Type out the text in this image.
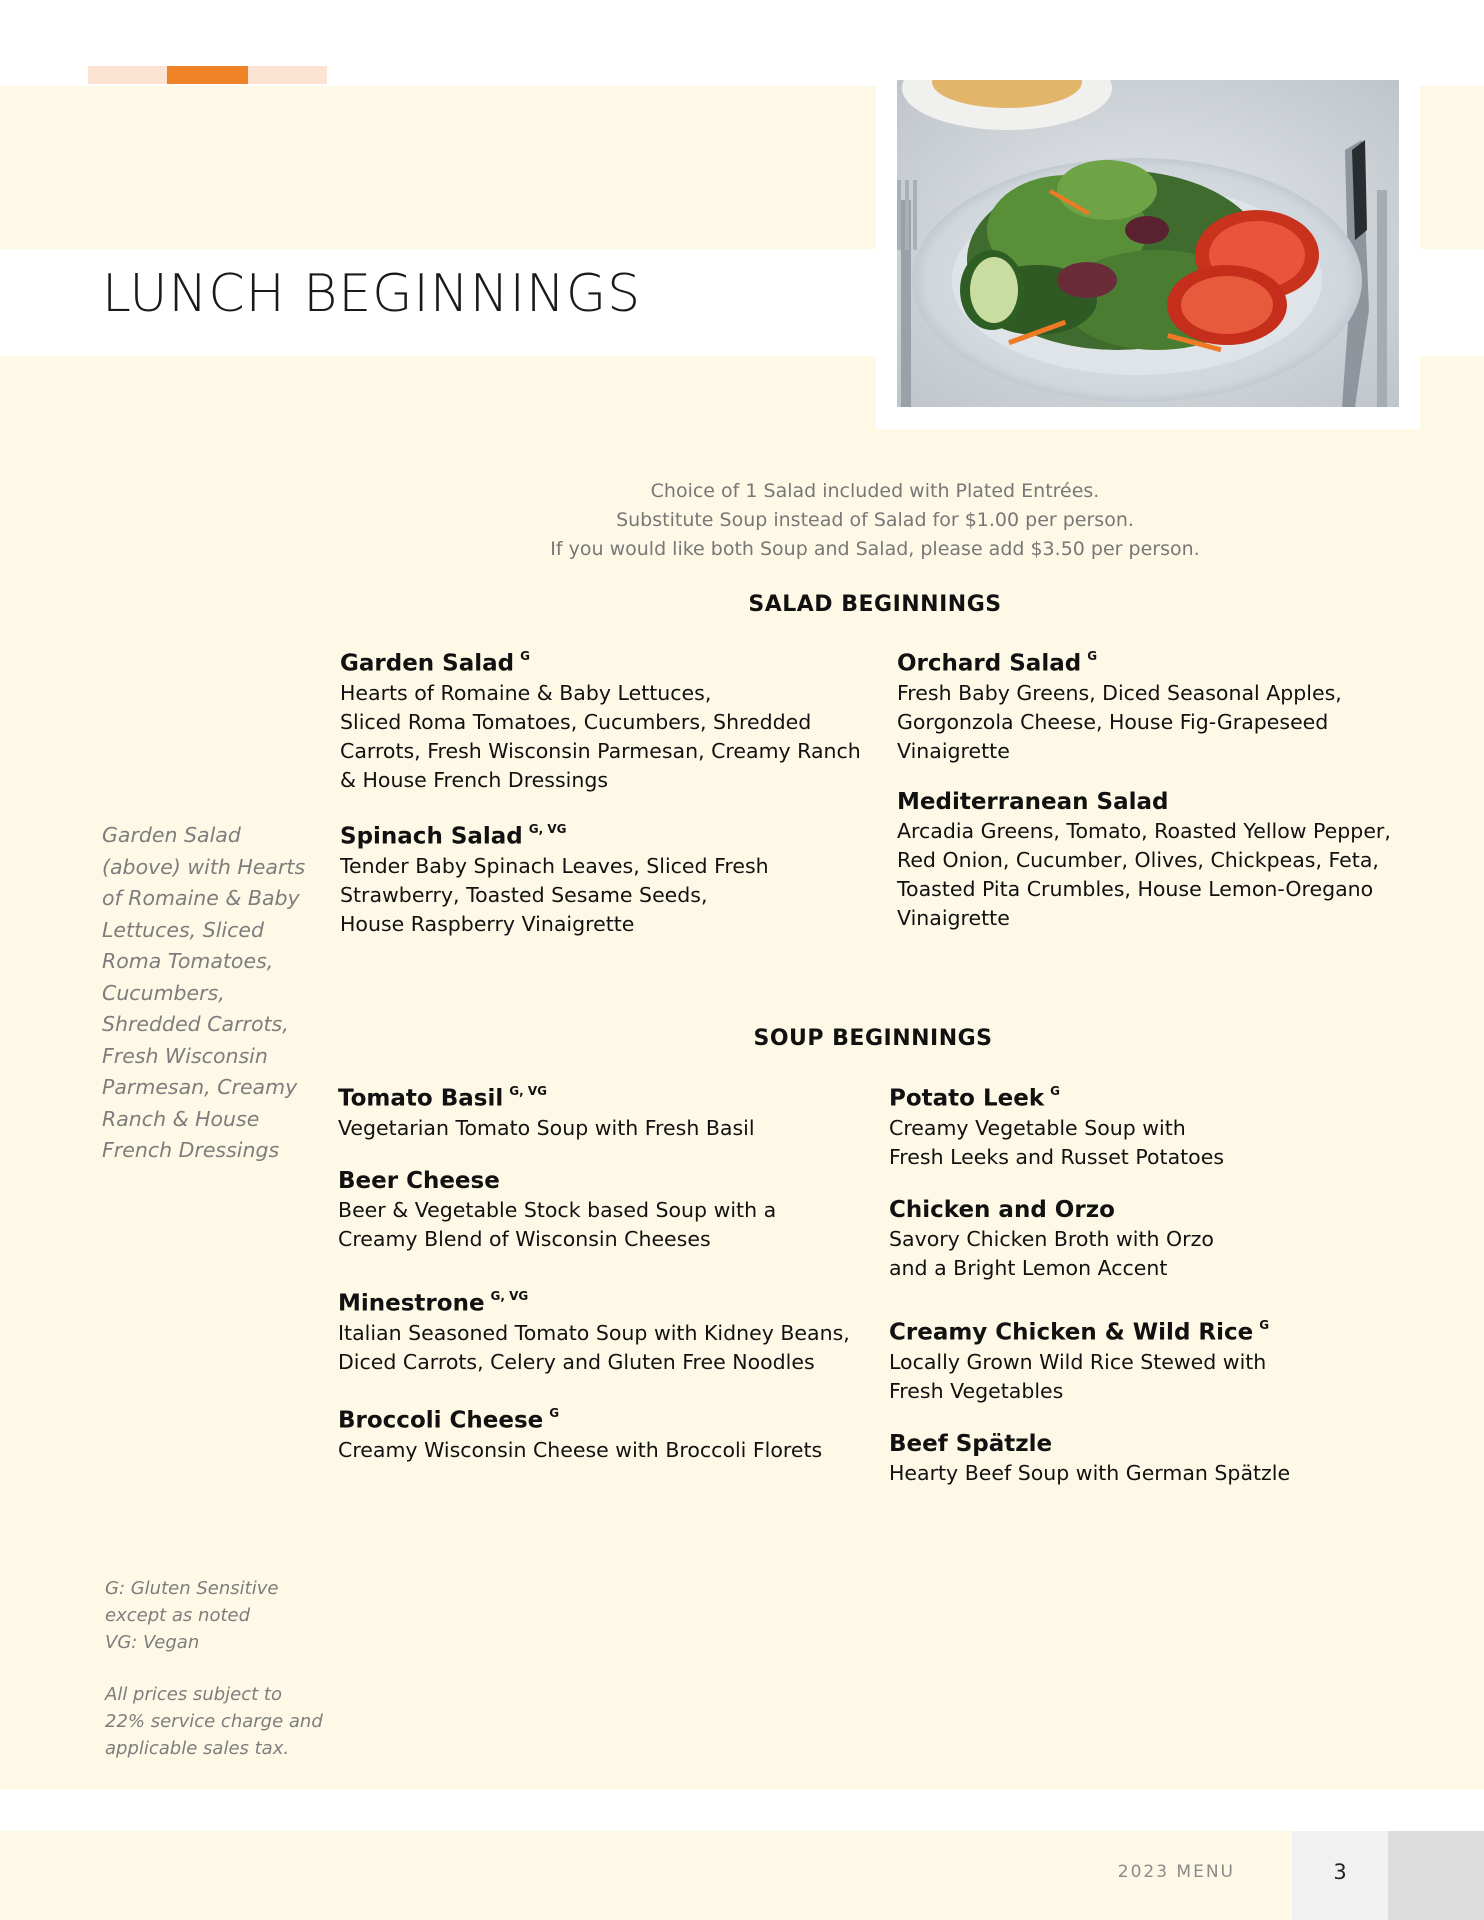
LUNCH BEGINNINGS
Choice of 1 Salad included with Plated Entrées.
Substitute Soup instead of Salad for $1.00 per person.
If you would like both Soup and Salad, please add $3.50 per person.
SALAD BEGINNINGS
Garden Salad $^G$
Hearts of Romaine & Baby Lettuces,
Sliced Roma Tomatoes, Cucumbers, Shredded
Carrots, Fresh Wisconsin Parmesan, Creamy Ranch
& House French Dressings
Spinach Salad $^{G, VG}$
Tender Baby Spinach Leaves, Sliced Fresh
Strawberry, Toasted Sesame Seeds,
House Raspberry Vinaigrette
Orchard Salad $^G$
Fresh Baby Greens, Diced Seasonal Apples,
Gorgonzola Cheese, House Fig-Grapeseed
Vinaigrette
Mediterranean Salad
Arcadia Greens, Tomato, Roasted Yellow Pepper,
Red Onion, Cucumber, Olives, Chickpeas, Feta,
Toasted Pita Crumbles, House Lemon-Oregano
Vinaigrette
SOUP BEGINNINGS
Tomato Basil $^{G, VG}$
Vegetarian Tomato Soup with Fresh Basil
Beer Cheese
Beer & Vegetable Stock based Soup with a
Creamy Blend of Wisconsin Cheeses
Minestrone $^{G, VG}$
Italian Seasoned Tomato Soup with Kidney Beans,
Diced Carrots, Celery and Gluten Free Noodles
Broccoli Cheese $^G$
Creamy Wisconsin Cheese with Broccoli Florets
Potato Leek $^G$
Creamy Vegetable Soup with
Fresh Leeks and Russet Potatoes
Chicken and Orzo
Savory Chicken Broth with Orzo
and a Bright Lemon Accent
Creamy Chicken & Wild Rice $^G$
Locally Grown Wild Rice Stewed with
Fresh Vegetables
Beef Spätzle
Hearty Beef Soup with German Spätzle
Garden Salad
(above) with Hearts
of Romaine & Baby
Lettuces, Sliced
Roma Tomatoes,
Cucumbers,
Shredded Carrots,
Fresh Wisconsin
Parmesan, Creamy
Ranch & House
French Dressings
G: Gluten Sensitive
except as noted
VG: Vegan
All prices subject to
22% service charge and
applicable sales tax.
2023 MENU	3
